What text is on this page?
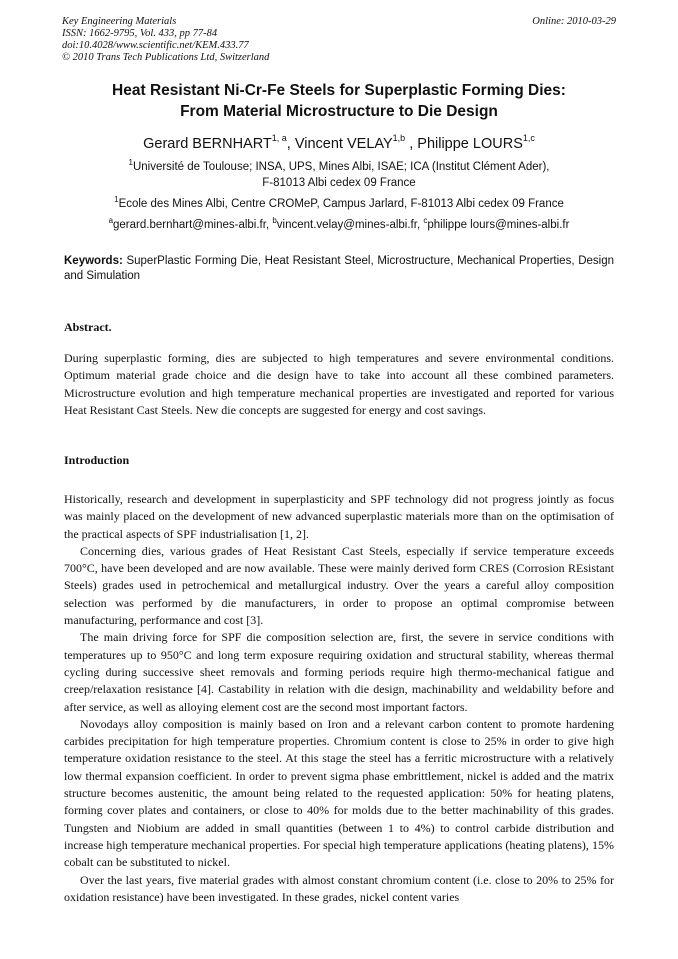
Key Engineering Materials
ISSN: 1662-9795, Vol. 433, pp 77-84
doi:10.4028/www.scientific.net/KEM.433.77
© 2010 Trans Tech Publications Ltd, Switzerland
Online: 2010-03-29
Heat Resistant Ni-Cr-Fe Steels for Superplastic Forming Dies:
From Material Microstructure to Die Design
Gerard BERNHART$^{1, a}$, Vincent VELAY$^{1,b}$ , Philippe LOURS$^{1,c}$
$^1$Université de Toulouse; INSA, UPS, Mines Albi, ISAE; ICA (Institut Clément Ader),
F-81013 Albi cedex 09 France
$^1$Ecole des Mines Albi, Centre CROMeP, Campus Jarlard, F-81013 Albi cedex 09 France
$^a$gerard.bernhart@mines-albi.fr, $^b$vincent.velay@mines-albi.fr, $^c$philippe lours@mines-albi.fr
Keywords: SuperPlastic Forming Die, Heat Resistant Steel, Microstructure, Mechanical Properties, Design and Simulation
Abstract.

During superplastic forming, dies are subjected to high temperatures and severe environmental conditions. Optimum material grade choice and die design have to take into account all these combined parameters. Microstructure evolution and high temperature mechanical properties are investigated and reported for various Heat Resistant Cast Steels. New die concepts are suggested for energy and cost savings.

Introduction

Historically, research and development in superplasticity and SPF technology did not progress jointly as focus was mainly placed on the development of new advanced superplastic materials more than on the optimisation of the practical aspects of SPF industrialisation [1, 2].

Concerning dies, various grades of Heat Resistant Cast Steels, especially if service temperature exceeds 700°C, have been developed and are now available. These were mainly derived form CRES (Corrosion REsistant Steels) grades used in petrochemical and metallurgical industry. Over the years a careful alloy composition selection was performed by die manufacturers, in order to propose an optimal compromise between manufacturing, performance and cost [3].

The main driving force for SPF die composition selection are, first, the severe in service conditions with temperatures up to 950°C and long term exposure requiring oxidation and structural stability, whereas thermal cycling during successive sheet removals and forming periods require high thermo-mechanical fatigue and creep/relaxation resistance [4]. Castability in relation with die design, machinability and weldability before and after service, as well as alloying element cost are the second most important factors.

Novodays alloy composition is mainly based on Iron and a relevant carbon content to promote hardening carbides precipitation for high temperature properties. Chromium content is close to 25% in order to give high temperature oxidation resistance to the steel. At this stage the steel has a ferritic microstructure with a relatively low thermal expansion coefficient. In order to prevent sigma phase embrittlement, nickel is added and the matrix structure becomes austenitic, the amount being related to the requested application: 50% for heating platens, forming cover plates and containers, or close to 40% for molds due to the better machinability of this grades. Tungsten and Niobium are added in small quantities (between 1 to 4%) to control carbide distribution and increase high temperature mechanical properties. For special high temperature applications (heating platens), 15% cobalt can be substituted to nickel.

Over the last years, five material grades with almost constant chromium content (i.e. close to 20% to 25% for oxidation resistance) have been investigated. In these grades, nickel content varies
